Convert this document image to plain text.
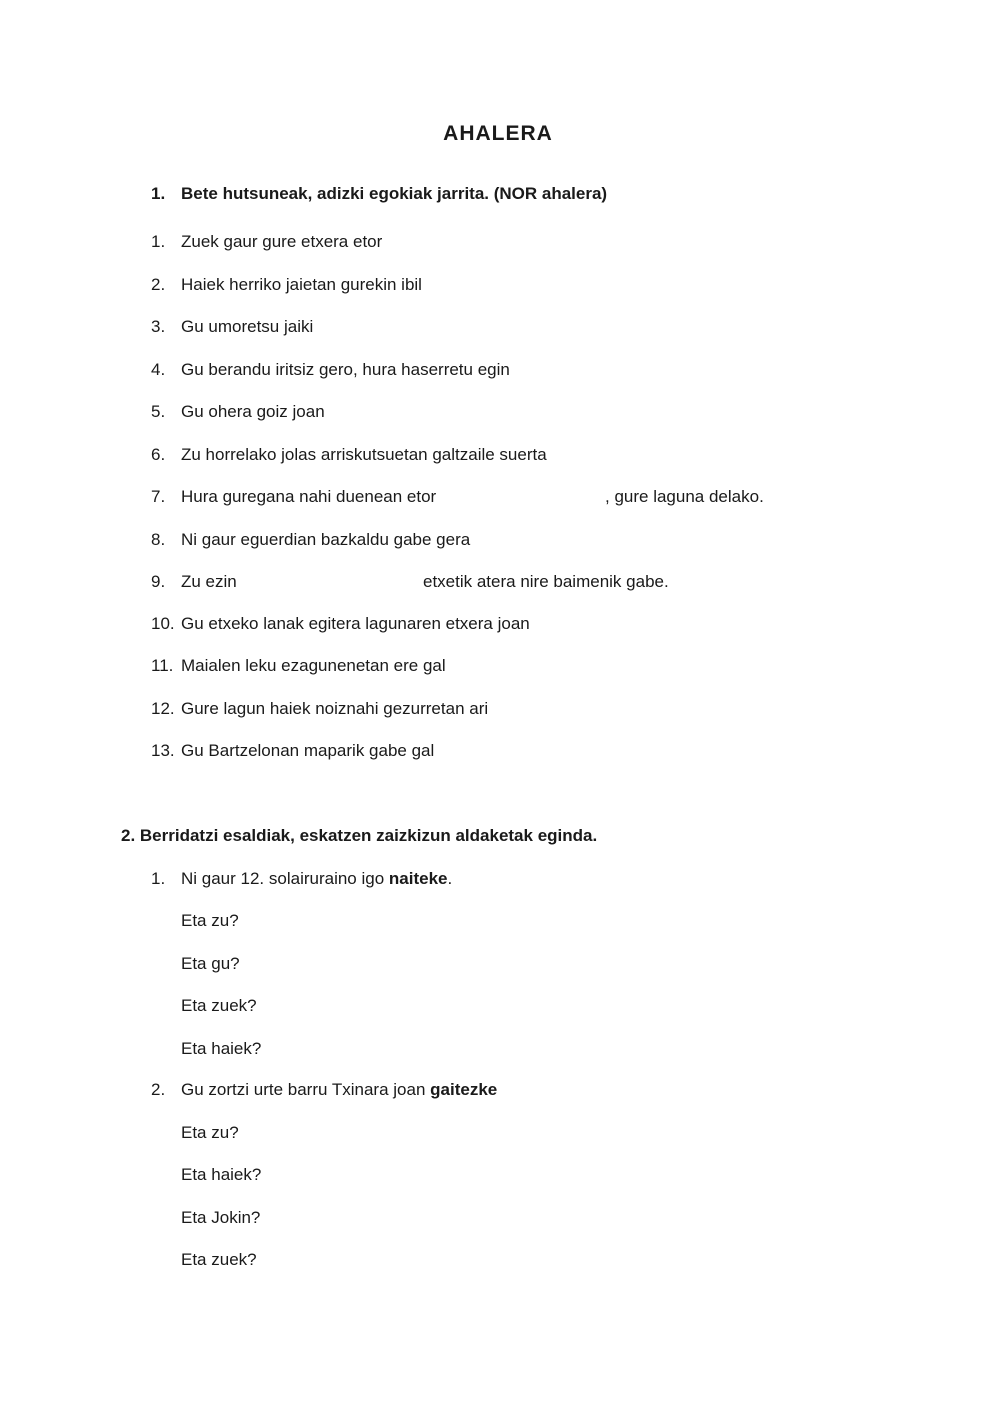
AHALERA
1. Bete hutsuneak, adizki egokiak jarrita. (NOR ahalera)
1. Zuek gaur gure etxera etor
2. Haiek herriko jaietan gurekin ibil
3. Gu umoretsu jaiki
4. Gu berandu iritsiz gero, hura haserretu egin
5. Gu ohera goiz joan
6. Zu horrelako jolas arriskutsuetan galtzaile suerta
7. Hura guregana nahi duenean etor	, gure laguna delako.
8. Ni gaur eguerdian bazkaldu gabe gera
9. Zu ezin	etxetik atera nire baimenik gabe.
10. Gu etxeko lanak egitera lagunaren etxera joan
11. Maialen leku ezagunenetan ere gal
12. Gure lagun haiek noiznahi gezurretan ari
13. Gu Bartzelonan maparik gabe gal
2. Berridatzi esaldiak, eskatzen zaizkizun aldaketak eginda.
1. Ni gaur 12. solairuraino igo naiteke.
Eta zu?
Eta gu?
Eta zuek?
Eta haiek?
2. Gu zortzi urte barru Txinara joan gaitezke
Eta zu?
Eta haiek?
Eta Jokin?
Eta zuek?
